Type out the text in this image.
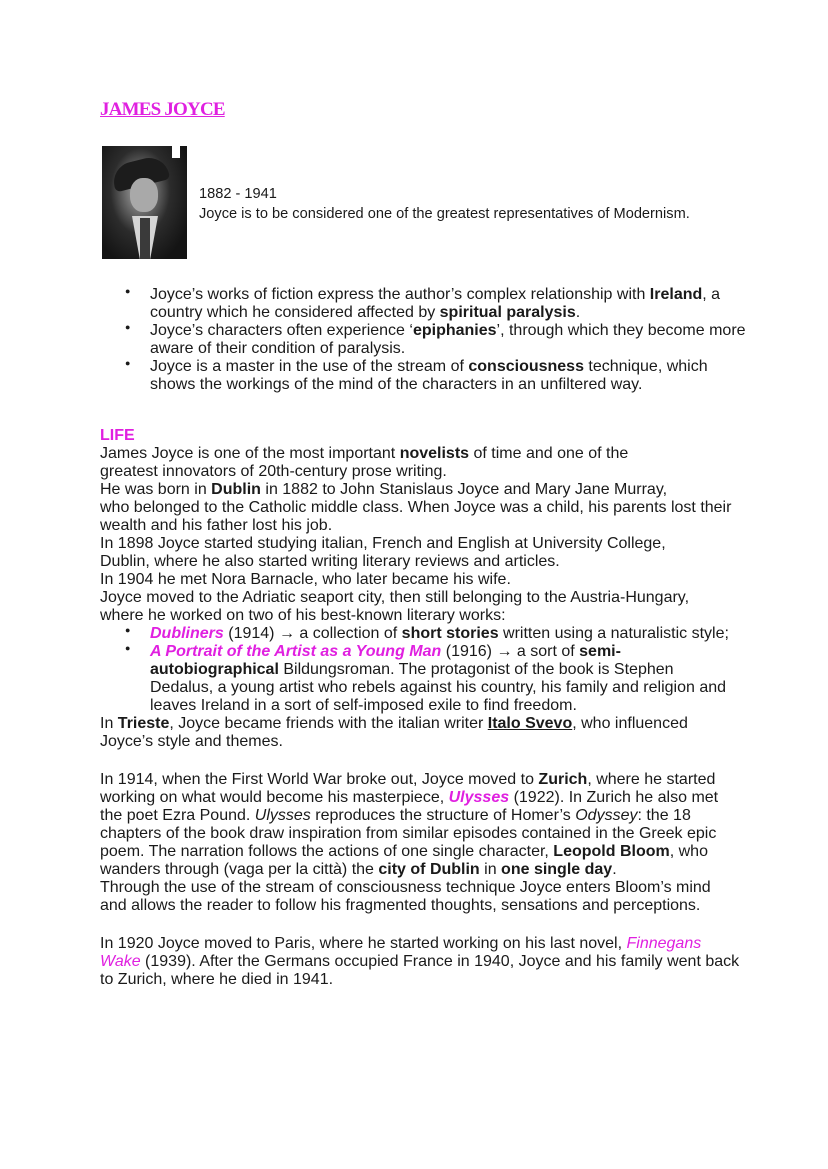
JAMES JOYCE
1882 - 1941
Joyce is to be considered one of the greatest representatives of Modernism.
● Joyce’s works of fiction express the author’s complex relationship with Ireland, a country which he considered affected by spiritual paralysis.
● Joyce’s characters often experience ‘epiphanies’, through which they become more aware of their condition of paralysis.
● Joyce is a master in the use of the stream of consciousness technique, which shows the workings of the mind of the characters in an unfiltered way.
LIFE

James Joyce is one of the most important novelists of time and one of the greatest innovators of 20th-century prose writing.

He was born in Dublin in 1882 to John Stanislaus Joyce and Mary Jane Murray,
who belonged to the Catholic middle class. When Joyce was a child, his parents lost their wealth and his father lost his job.

In 1898 Joyce started studying italian, French and English at University College, Dublin, where he also started writing literary reviews and articles.

In 1904 he met Nora Barnacle, who later became his wife.

Joyce moved to the Adriatic seaport city, then still belonging to the Austria-Hungary,

where he worked on two of his best-known literary works:

● Dubliners (1914) → a collection of short stories written using a naturalistic style;
● A Portrait of the Artist as a Young Man (1916) → a sort of semi-autobiographical Bildungsroman. The protagonist of the book is Stephen Dedalus, a young artist who rebels against his country, his family and religion and leaves Ireland in a sort of self-imposed exile to find freedom.

In Trieste, Joyce became friends with the italian writer Italo Svevo, who influenced Joyce’s style and themes.

In 1914, when the First World War broke out, Joyce moved to Zurich, where he started working on what would become his masterpiece, Ulysses (1922). In Zurich he also met the poet Ezra Pound. Ulysses reproduces the structure of Homer’s Odyssey: the 18 chapters of the book draw inspiration from similar episodes contained in the Greek epic poem. The narration follows the actions of one single character, Leopold Bloom, who wanders through (vaga per la città) the city of Dublin in one single day.

Through the use of the stream of consciousness technique Joyce enters Bloom’s mind

and allows the reader to follow his fragmented thoughts, sensations and perceptions.

In 1920 Joyce moved to Paris, where he started working on his last novel, Finnegans Wake (1939). After the Germans occupied France in 1940, Joyce and his family went back to Zurich, where he died in 1941.
